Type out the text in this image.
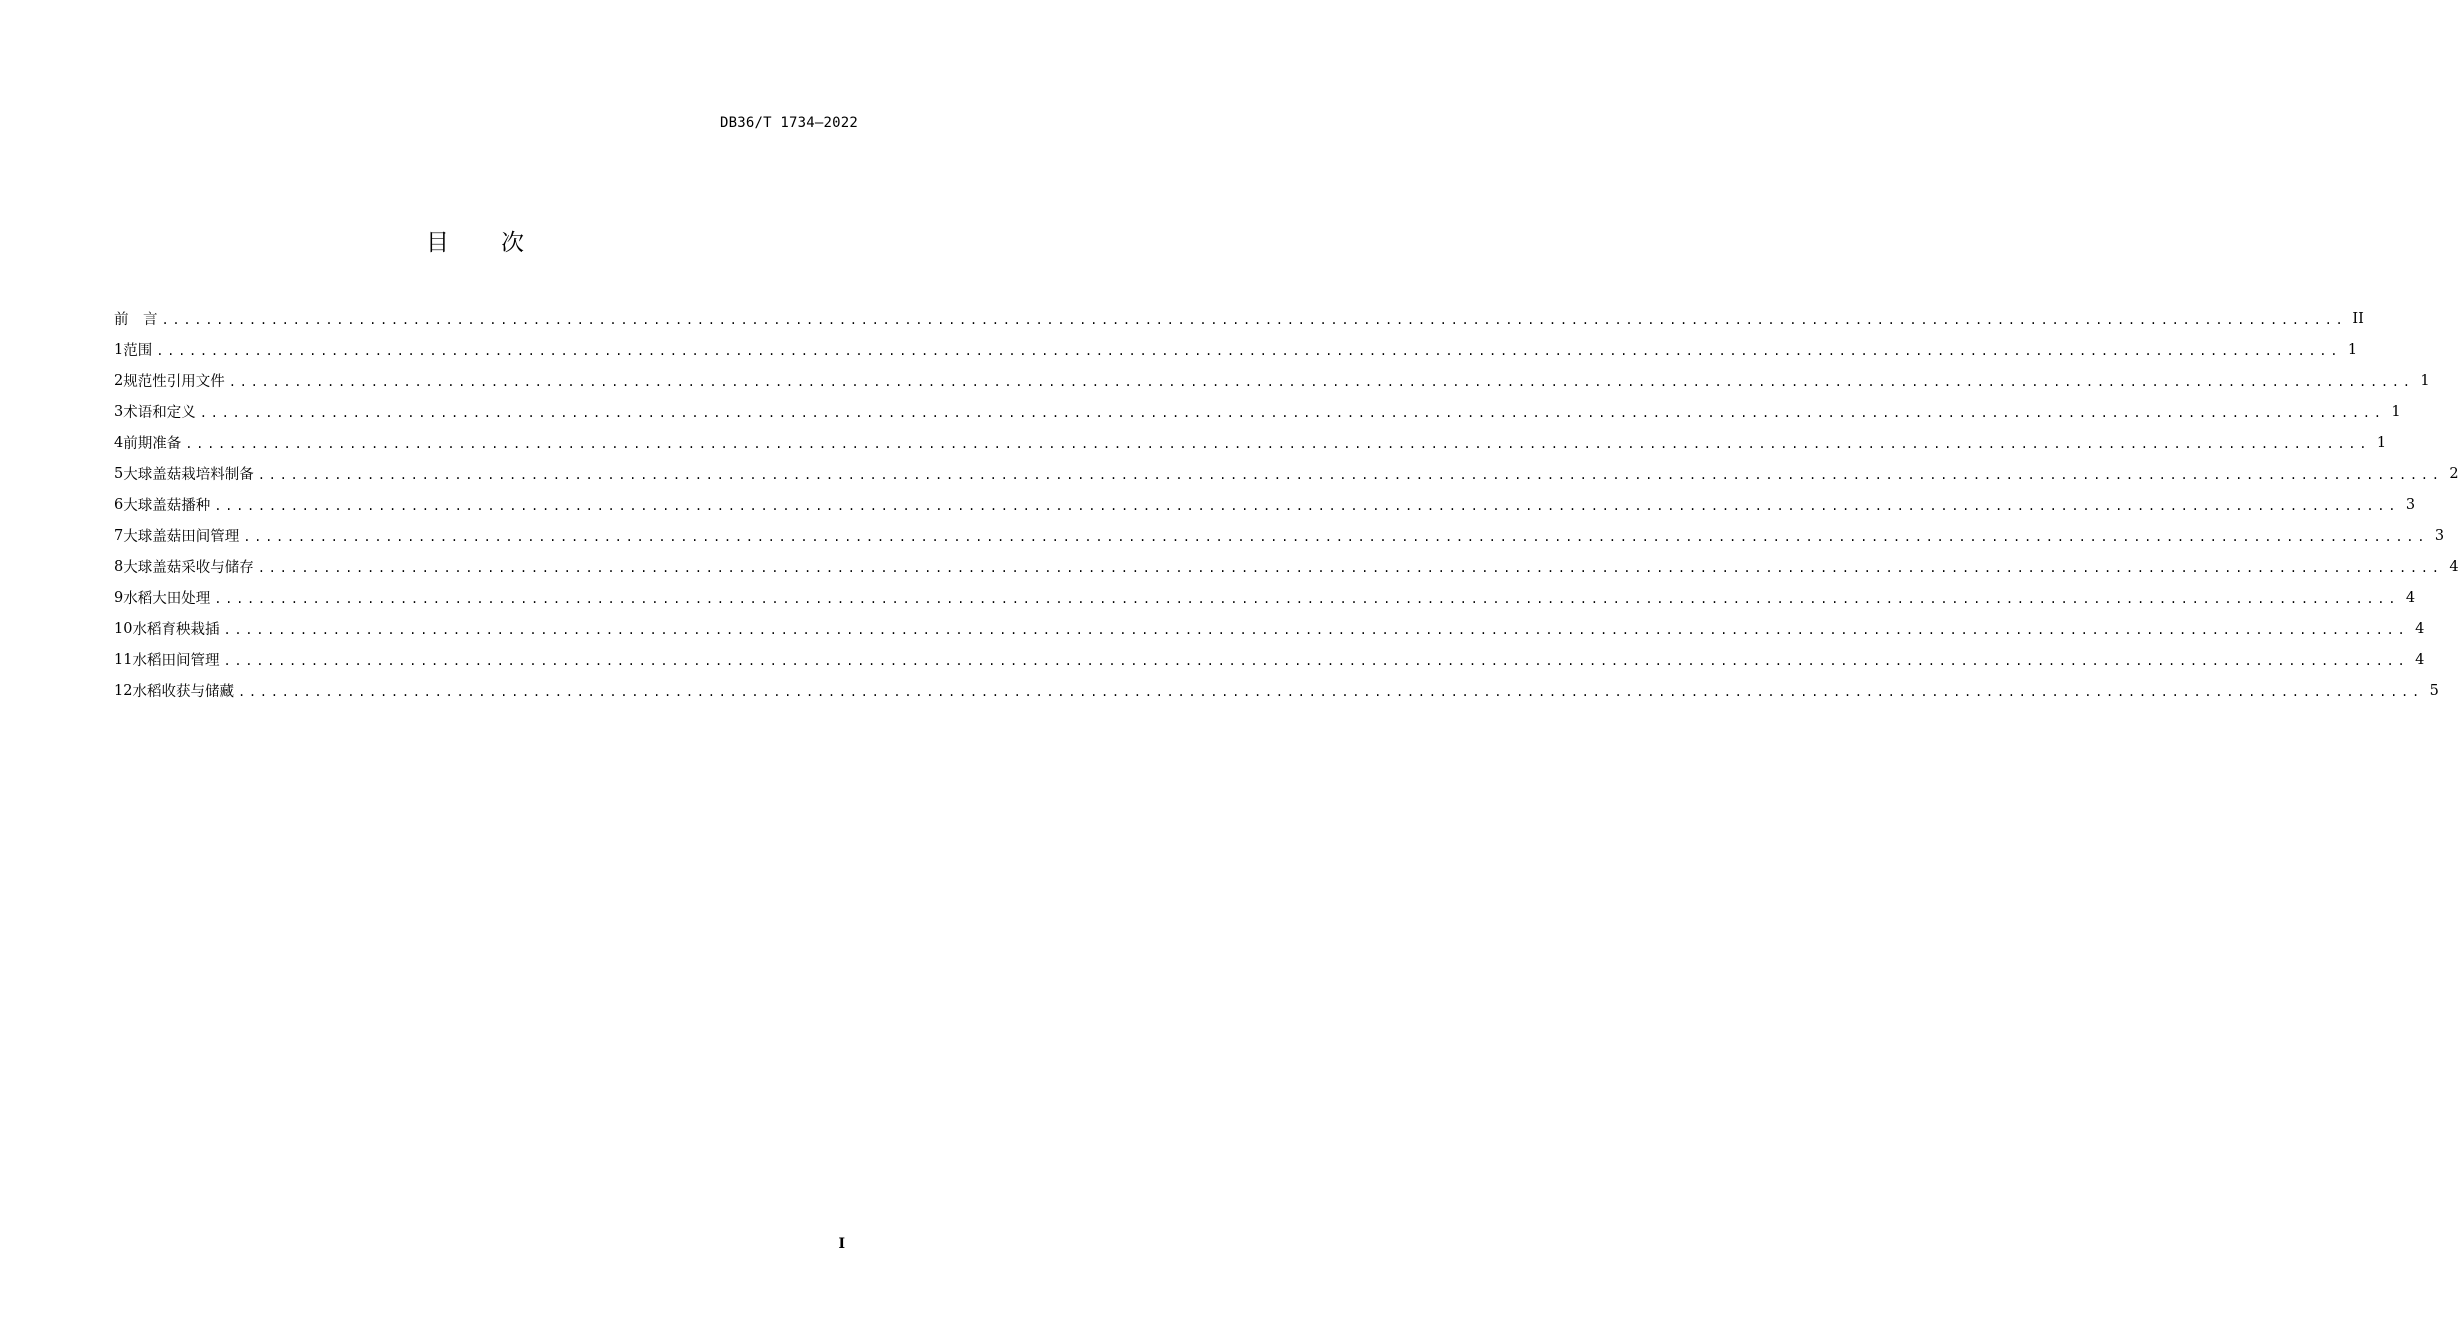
DB36/T 1734—2022
目 次
前　言 ........................................................................................................................................................................................................ II
1 范围 ........................................................................................................................................................................................................ 1
2 规范性引用文件 ........................................................................................................................................................................................................ 1
3 术语和定义 ........................................................................................................................................................................................................ 1
4 前期准备 ........................................................................................................................................................................................................ 1
5 大球盖菇栽培料制备 ........................................................................................................................................................................................................ 2
6 大球盖菇播种 ........................................................................................................................................................................................................ 3
7 大球盖菇田间管理 ........................................................................................................................................................................................................ 3
8 大球盖菇采收与储存 ........................................................................................................................................................................................................ 4
9 水稻大田处理 ........................................................................................................................................................................................................ 4
10 水稻育秧栽插 ........................................................................................................................................................................................................ 4
11 水稻田间管理 ........................................................................................................................................................................................................ 4
12 水稻收获与储藏 ........................................................................................................................................................................................................ 5
I
